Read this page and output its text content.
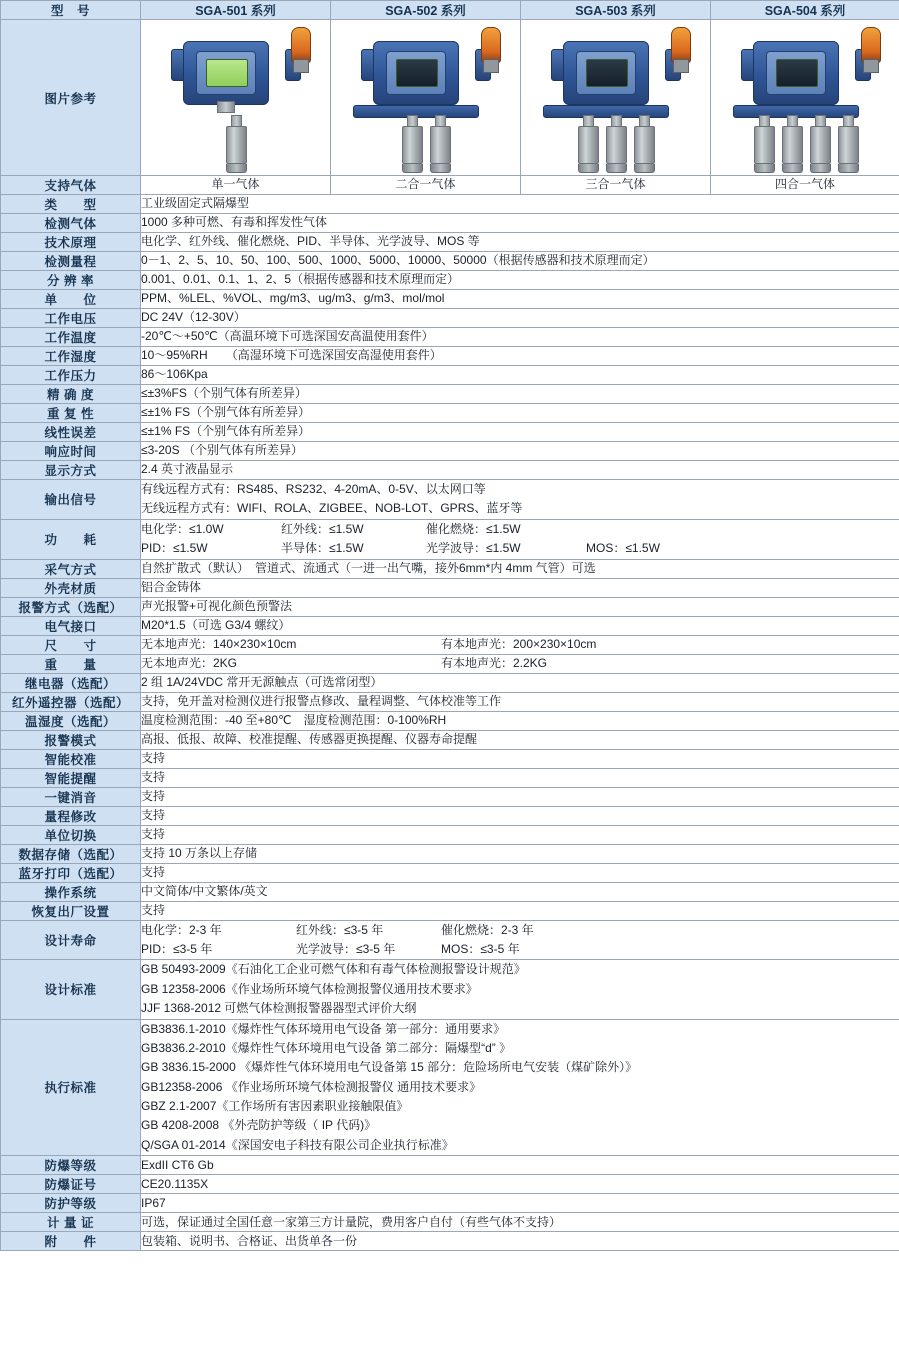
型　号	SGA-501 系列	SGA-502 系列	SGA-503 系列	SGA-504 系列
图片参考	

支持气体	单一气体	二合一气体	三合一气体	四合一气体
类　　型	工业级固定式隔爆型			
检测气体	1000 多种可燃、有毒和挥发性气体			
技术原理	电化学、红外线、催化燃烧、PID、半导体、光学波导、MOS 等			
检测量程	0－1、2、5、10、50、100、500、1000、5000、10000、50000（根据传感器和技术原理而定）			
分 辨 率	0.001、0.01、0.1、1、2、5（根据传感器和技术原理而定）			
单　　位	PPM、%LEL、%VOL、mg/m3、ug/m3、g/m3、mol/mol			
工作电压	DC 24V（12-30V）			
工作温度	-20℃～+50℃（高温环境下可选深国安高温使用套件）			
工作湿度	10～95%RH　　（高湿环境下可选深国安高湿使用套件）			
工作压力	86～106Kpa			
精 确 度	≤±3%FS（个别气体有所差异）			
重 复 性	≤±1% FS（个别气体有所差异）			
线性误差	≤±1% FS（个别气体有所差异）			
响应时间	≤3-20S （个别气体有所差异）			
显示方式	2.4 英寸液晶显示			
输出信号	有线远程方式有：RS485、RS232、4-20mA、0-5V、以太网口等
无线远程方式有：WIFI、ROLA、ZIGBEE、NOB-LOT、GPRS、蓝牙等			

功　　耗	
电化学：≤1.0W	红外线：≤1.5W	催化燃烧：≤1.5W
PID：≤1.5W	半导体：≤1.5W	光学波导：≤1.5W	MOS：≤1.5W

采气方式	自然扩散式（默认）　管道式、流通式（一进一出气嘴，接外6mm*内 4mm 气管）可选			
外壳材质	铝合金铸体			
报警方式（选配）	声光报警+可视化颜色预警法			
电气接口	M20*1.5（可选 G3/4 螺纹）			
尺　　寸	无本地声光：140×230×10cm 有本地声光：200×230×10cm			

重　　量	无本地声光：2KG 有本地声光：2.2KG			

继电器（选配）	2 组 1A/24VDC 常开无源触点（可选常闭型）			
红外遥控器（选配）	支持，免开盖对检测仪进行报警点修改、量程调整、气体校准等工作			
温湿度（选配）	温度检测范围：-40 至+80℃　湿度检测范围：0-100%RH			
报警模式	高报、低报、故障、校准提醒、传感器更换提醒、仪器寿命提醒			
智能校准	支持			
智能提醒	支持			
一键消音	支持			
量程修改	支持			
单位切换	支持			
数据存储（选配）	支持 10 万条以上存储			
蓝牙打印（选配）	支持			
操作系统	中文简体/中文繁体/英文			
恢复出厂设置	支持			
设计寿命	
电化学：2-3 年	红外线：≤3-5 年	催化燃烧：2-3 年
PID：≤3-5 年	光学波导：≤3-5 年	MOS：≤3-5 年

设计标准	GB 50493-2009《石油化工企业可燃气体和有毒气体检测报警设计规范》
GB 12358-2006《作业场所环境气体检测报警仪通用技术要求》
JJF 1368-2012 可燃气体检测报警器器型式评价大纲			

执行标准	
GB3836.1-2010《爆炸性气体环境用电气设备 第一部分：通用要求》
GB3836.2-2010《爆炸性气体环境用电气设备 第二部分：隔爆型“d” 》
GB 3836.15-2000 《爆炸性气体环境用电气设备第 15 部分：危险场所电气安装（煤矿除外）》
GB12358-2006 《作业场所环境气体检测报警仪 通用技术要求》
GBZ 2.1-2007《工作场所有害因素职业接触限值》
GB 4208-2008 《外壳防护等级（ IP 代码)》
Q/SGA 01-2014《深国安电子科技有限公司企业执行标准》

防爆等级	ExdII CT6 Gb			
防爆证号	CE20.1135X			
防护等级	IP67			
计 量 证	可选，保证通过全国任意一家第三方计量院，费用客户自付（有些气体不支持）			
附　　件	包装箱、说明书、合格证、出货单各一份			
